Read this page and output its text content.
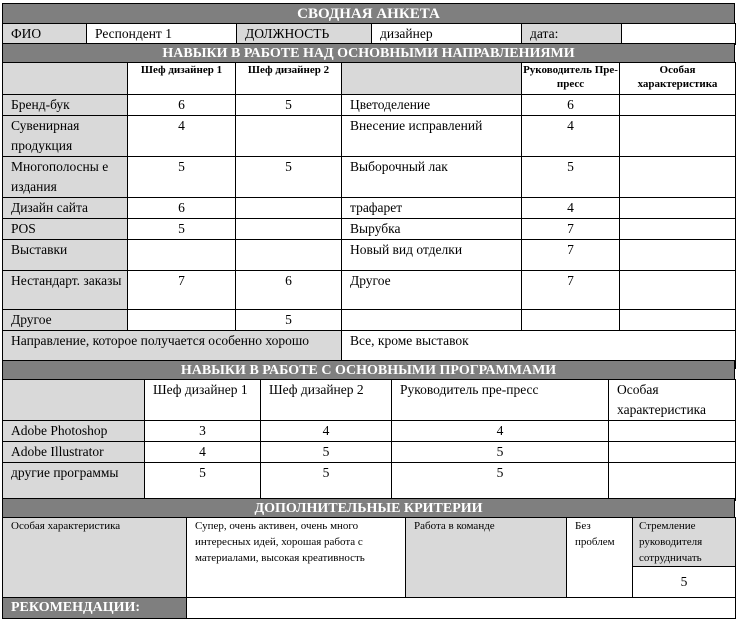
СВОДНАЯ АНКЕТА
ФИО	Респондент 1	ДОЛЖНОСТЬ	дизайнер	дата:	
НАВЫКИ В РАБОТЕ НАД ОСНОВНЫМИ НАПРАВЛЕНИЯМИ
	Шеф дизайнер 1	Шеф дизайнер 2		Руководитель Пре-пресс	Особая характеристика
Бренд-бук	6	5	Цветоделение	6	
Сувенирная продукция	4		Внесение исправлений	4	
Многополосны е издания	5	5	Выборочный лак	5	
Дизайн сайта	6		трафарет	4	
POS	5		Вырубка	7	
Выставки			Новый вид отделки	7	
Нестандарт. заказы	7	6	Другое	7	
Другое		5			
Направление, которое получается особенно хорошо			Все, кроме выставок		
НАВЫКИ В РАБОТЕ С ОСНОВНЫМИ ПРОГРАММАМИ
	Шеф дизайнер 1	Шеф дизайнер 2	Руководитель пре-пресс	Особая характеристика
Adobe Photoshop	3	4	4	
Adobe Illustrator	4	5	5	
другие программы	5	5	5	
ДОПОЛНИТЕЛЬНЫЕ КРИТЕРИИ
Особая характеристика	Супер, очень активен, очень много интересных идей, хорошая работа с материалами, высокая креативность	Работа в команде	Без проблем	Стремление руководителя сотрудничать
				5
РЕКОМЕНДАЦИИ:				
